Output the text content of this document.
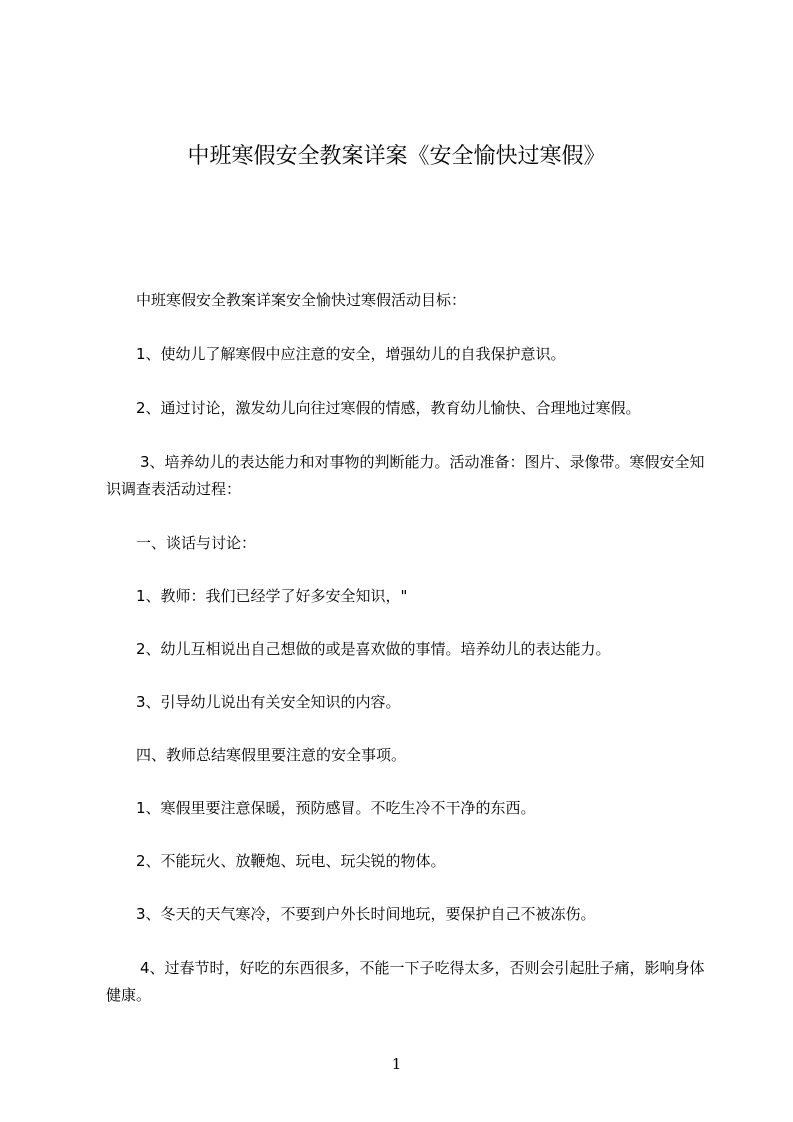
中班寒假安全教案详案《安全愉快过寒假》
中班寒假安全教案详案安全愉快过寒假活动目标：
1、使幼儿了解寒假中应注意的安全，增强幼儿的自我保护意识。
2、通过讨论，激发幼儿向往过寒假的情感，教育幼儿愉快、合理地过寒假。
3、培养幼儿的表达能力和对事物的判断能力。活动准备：图片、录像带。寒假安全知识调查表活动过程：
一、谈话与讨论：
1、教师：我们已经学了好多安全知识，"
2、幼儿互相说出自己想做的或是喜欢做的事情。培养幼儿的表达能力。
3、引导幼儿说出有关安全知识的内容。
四、教师总结寒假里要注意的安全事项。
1、寒假里要注意保暖，预防感冒。不吃生冷不干净的东西。
2、不能玩火、放鞭炮、玩电、玩尖锐的物体。
3、冬天的天气寒冷，不要到户外长时间地玩，要保护自己不被冻伤。
4、过春节时，好吃的东西很多，不能一下子吃得太多，否则会引起肚子痛，影响身体健康。
1
